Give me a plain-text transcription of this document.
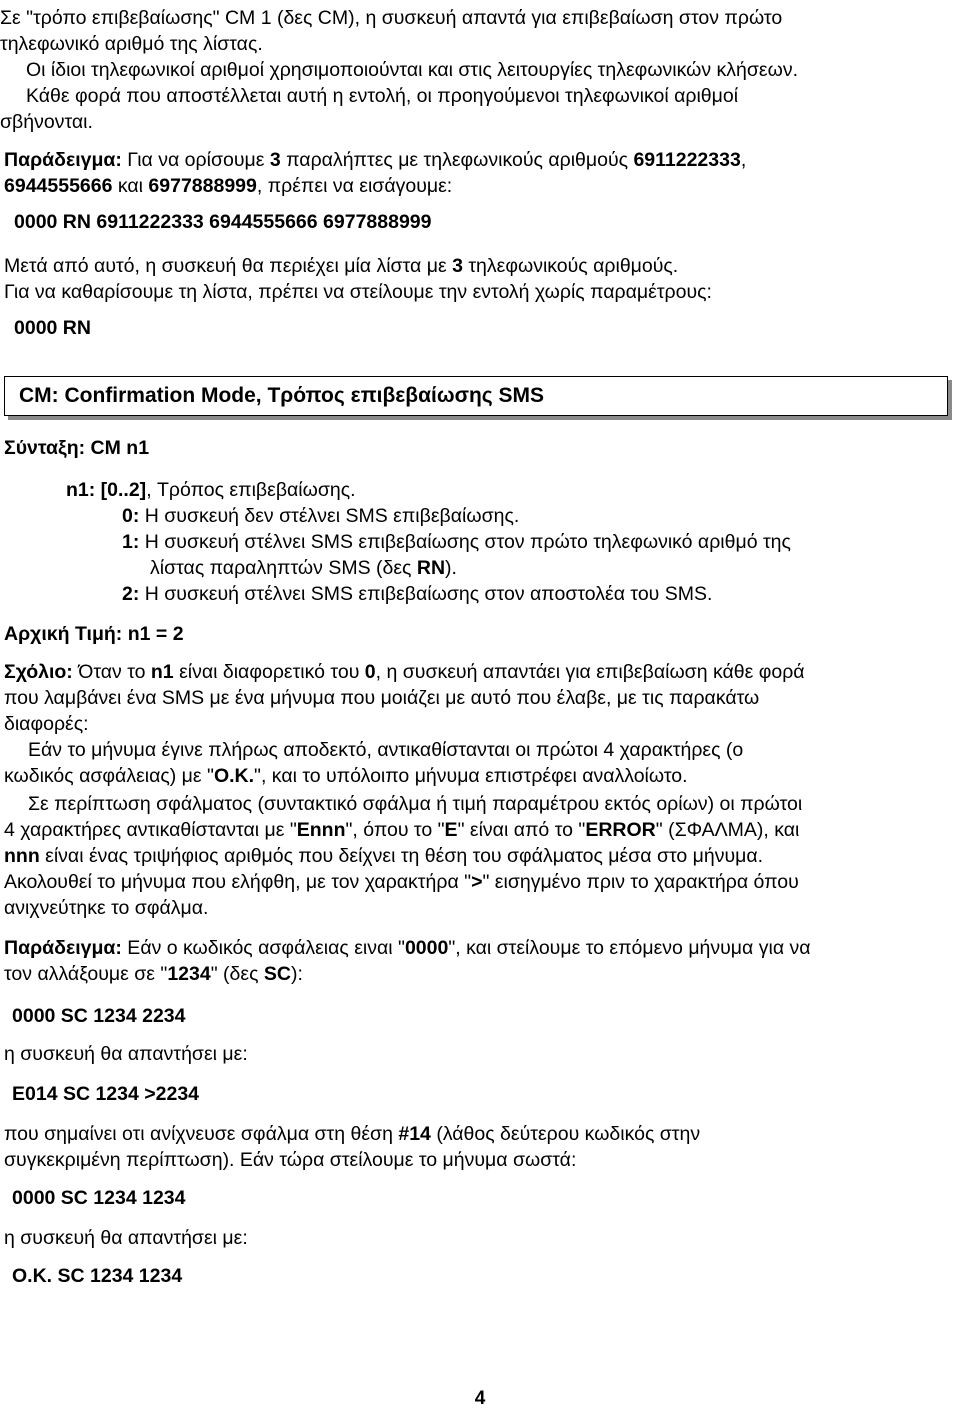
Σε "τρόπο επιβεβαίωσης" CM 1 (δες CM), η συσκευή απαντά για επιβεβαίωση στον πρώτο
τηλεφωνικό αριθμό της λίστας.
Οι ίδιοι τηλεφωνικοί αριθμοί χρησιμοποιούνται και στις λειτουργίες τηλεφωνικών κλήσεων.
Κάθε φορά που αποστέλλεται αυτή η εντολή, οι προηγούμενοι τηλεφωνικοί αριθμοί
σβήνονται.
Παράδειγμα: Για να ορίσουμε 3 παραλήπτες με τηλεφωνικούς αριθμούς 6911222333,
6944555666 και 6977888999, πρέπει να εισάγουμε:
0000 RN 6911222333 6944555666 6977888999
Μετά από αυτό, η συσκευή θα περιέχει μία λίστα με 3 τηλεφωνικούς αριθμούς.
Για να καθαρίσουμε τη λίστα, πρέπει να στείλουμε την εντολή χωρίς παραμέτρους:
0000 RN
CM: Confirmation Mode, Τρόπος επιβεβαίωσης SMS
Σύνταξη: CM n1
n1: [0..2], Τρόπος επιβεβαίωσης.
0: Η συσκευή δεν στέλνει SMS επιβεβαίωσης.
1: Η συσκευή στέλνει SMS επιβεβαίωσης στον πρώτο τηλεφωνικό αριθμό της
λίστας παραληπτών SMS (δες RN).
2: Η συσκευή στέλνει SMS επιβεβαίωσης στον αποστολέα του SMS.
Αρχική Τιμή: n1 = 2
Σχόλιο: Όταν το n1 είναι διαφορετικό του 0, η συσκευή απαντάει για επιβεβαίωση κάθε φορά
που λαμβάνει ένα SMS με ένα μήνυμα που μοιάζει με αυτό που έλαβε, με τις παρακάτω
διαφορές:
Εάν το μήνυμα έγινε πλήρως αποδεκτό, αντικαθίστανται οι πρώτοι 4 χαρακτήρες (ο
κωδικός ασφάλειας) με "O.K.", και το υπόλοιπο μήνυμα επιστρέφει αναλλοίωτο.
Σε περίπτωση σφάλματος (συντακτικό σφάλμα ή τιμή παραμέτρου εκτός ορίων) οι πρώτοι
4 χαρακτήρες αντικαθίστανται με "Ennn", όπου το "E" είναι από το "ERROR" (ΣΦΑΛΜΑ), και
nnn είναι ένας τριψήφιος αριθμός που δείχνει τη θέση του σφάλματος μέσα στο μήνυμα.
Ακολουθεί το μήνυμα που ελήφθη, με τον χαρακτήρα ">" εισηγμένο πριν το χαρακτήρα όπου
ανιχνεύτηκε το σφάλμα.
Παράδειγμα: Εάν ο κωδικός ασφάλειας ειναι "0000", και στείλουμε το επόμενο μήνυμα για να
τον αλλάξουμε σε "1234" (δες SC):
0000 SC 1234 2234
η συσκευή θα απαντήσει με:
E014 SC 1234 >2234
που σημαίνει οτι ανίχνευσε σφάλμα στη θέση #14 (λάθος δεύτερου κωδικός στην
συγκεκριμένη περίπτωση). Εάν τώρα στείλουμε το μήνυμα σωστά:
0000 SC 1234 1234
η συσκευή θα απαντήσει με:
O.K. SC 1234 1234
4
